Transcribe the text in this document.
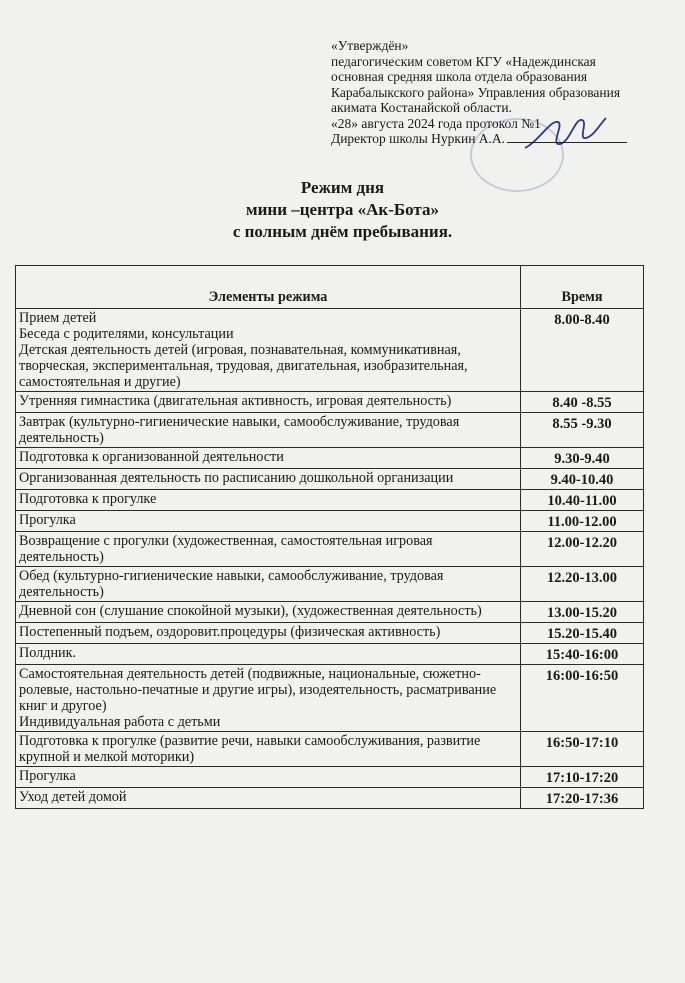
«Утверждён»
педагогическим советом КГУ «Надеждинская
основная средняя школа отдела образования
Карабалыкского района» Управления образования
акимата Костанайской области.
«28» августа 2024 года протокол №1
Директор школы Нуркин А.А.
Режим дня
мини –центра «Ак-Бота»
с полным днём пребывания.
Элементы режима	Время

Прием детей
Беседа с родителями, консультации
Детская деятельность детей (игровая, познавательная, коммуникативная, творческая, экспериментальная, трудовая, двигательная, изобразительная, самостоятельная и другие)	8.00-8.40

Утренняя гимнастика (двигательная активность, игровая деятельность)	8.40 -8.55

Завтрак (культурно-гигиенические навыки, самообслуживание, трудовая деятельность)	8.55 -9.30

Подготовка к организованной деятельности	9.30-9.40

Организованная деятельность по расписанию дошкольной организации	9.40-10.40

Подготовка к прогулке	10.40-11.00

Прогулка	11.00-12.00

Возвращение с прогулки (художественная, самостоятельная игровая деятельность)	12.00-12.20

Обед (культурно-гигиенические навыки, самообслуживание, трудовая деятельность)	12.20-13.00

Дневной сон (слушание спокойной музыки), (художественная деятельность)	13.00-15.20

Постепенный подъем, оздоровит.процедуры (физическая активность)	15.20-15.40

Полдник.	15:40-16:00

Самостоятельная деятельность детей (подвижные, национальные, сюжетно-ролевые, настольно-печатные и другие игры), изодеятельность, расматривание книг и другое)
Индивидуальная работа с детьми	16:00-16:50

Подготовка к прогулке (развитие речи, навыки самообслуживания, развитие крупной и мелкой моторики)	16:50-17:10

Прогулка	17:10-17:20

Уход детей домой	17:20-17:36
